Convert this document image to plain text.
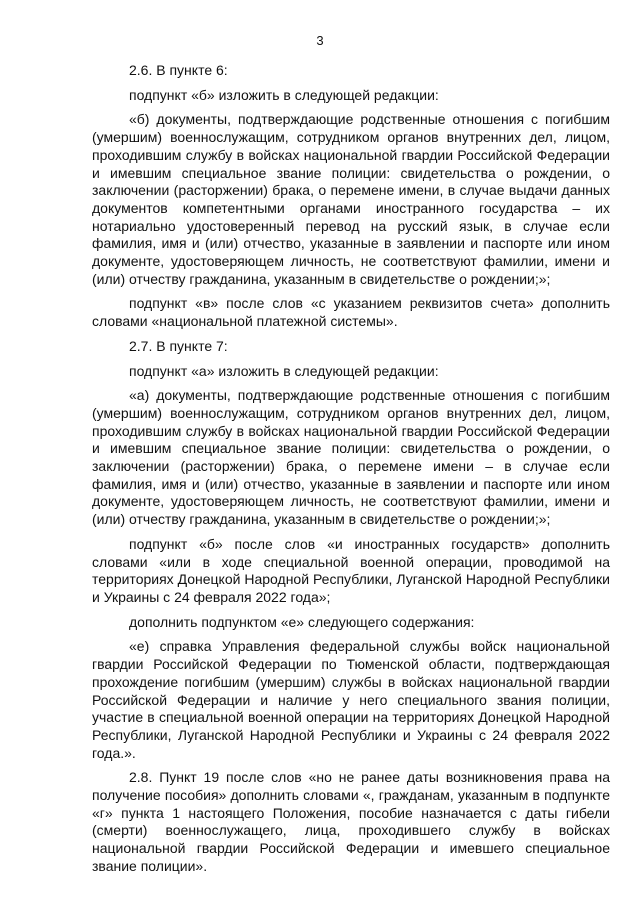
3

2.6. В пункте 6:

подпункт «б» изложить в следующей редакции:

«б) документы, подтверждающие родственные отношения с погибшим (умершим) военнослужащим, сотрудником органов внутренних дел, лицом, проходившим службу в войсках национальной гвардии Российской Федерации и имевшим специальное звание полиции: свидетельства о рождении, о заключении (расторжении) брака, о перемене имени, в случае выдачи данных документов компетентными органами иностранного государства – их нотариально удостоверенный перевод на русский язык, в случае если фамилия, имя и (или) отчество, указанные в заявлении и паспорте или ином документе, удостоверяющем личность, не соответствуют фамилии, имени и (или) отчеству гражданина, указанным в свидетельстве о рождении;»;

подпункт «в» после слов «с указанием реквизитов счета» дополнить словами «национальной платежной системы».

2.7. В пункте 7:

подпункт «а» изложить в следующей редакции:

«а) документы, подтверждающие родственные отношения с погибшим (умершим) военнослужащим, сотрудником органов внутренних дел, лицом, проходившим службу в войсках национальной гвардии Российской Федерации и имевшим специальное звание полиции: свидетельства о рождении, о заключении (расторжении) брака, о перемене имени – в случае если фамилия, имя и (или) отчество, указанные в заявлении и паспорте или ином документе, удостоверяющем личность, не соответствуют фамилии, имени и (или) отчеству гражданина, указанным в свидетельстве о рождении;»;

подпункт «б» после слов «и иностранных государств» дополнить словами «или в ходе специальной военной операции, проводимой на территориях Донецкой Народной Республики, Луганской Народной Республики и Украины с 24 февраля 2022 года»;

дополнить подпунктом «е» следующего содержания:

«е) справка Управления федеральной службы войск национальной гвардии Российской Федерации по Тюменской области, подтверждающая прохождение погибшим (умершим) службы в войсках национальной гвардии Российской Федерации и наличие у него специального звания полиции, участие в специальной военной операции на территориях Донецкой Народной Республики, Луганской Народной Республики и Украины с 24 февраля 2022 года.».

2.8. Пункт 19 после слов «но не ранее даты возникновения права на получение пособия» дополнить словами «, гражданам, указанным в подпункте «г» пункта 1 настоящего Положения, пособие назначается с даты гибели (смерти) военнослужащего, лица, проходившего службу в войсках национальной гвардии Российской Федерации и имевшего специальное звание полиции».
